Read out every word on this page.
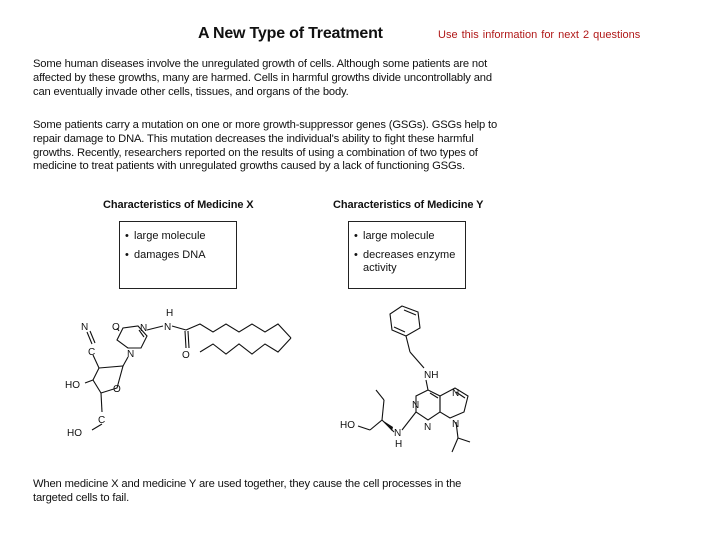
A New Type of Treatment	Use this information for next 2 questions
Some human diseases involve the unregulated growth of cells. Although some patients are not affected by these growths, many are harmed. Cells in harmful growths divide uncontrollably and can eventually invade other cells, tissues, and organs of the body.
Some patients carry a mutation on one or more growth-suppressor genes (GSGs). GSGs help to repair damage to DNA. This mutation decreases the individual's ability to fight these harmful growths. Recently, researchers reported on the results of using a combination of two types of medicine to treat patients with unregulated growths caused by a lack of functioning GSGs.
Characteristics of Medicine X	Characteristics of Medicine Y
• large molecule
• damages DNA
• large molecule
• decreases enzyme activity
N
C
O N
N
H
N
O
O
HO
C
HO
NH
HO
N
H
N
N
N
N
When medicine X and medicine Y are used together, they cause the cell processes in the targeted cells to fail.
